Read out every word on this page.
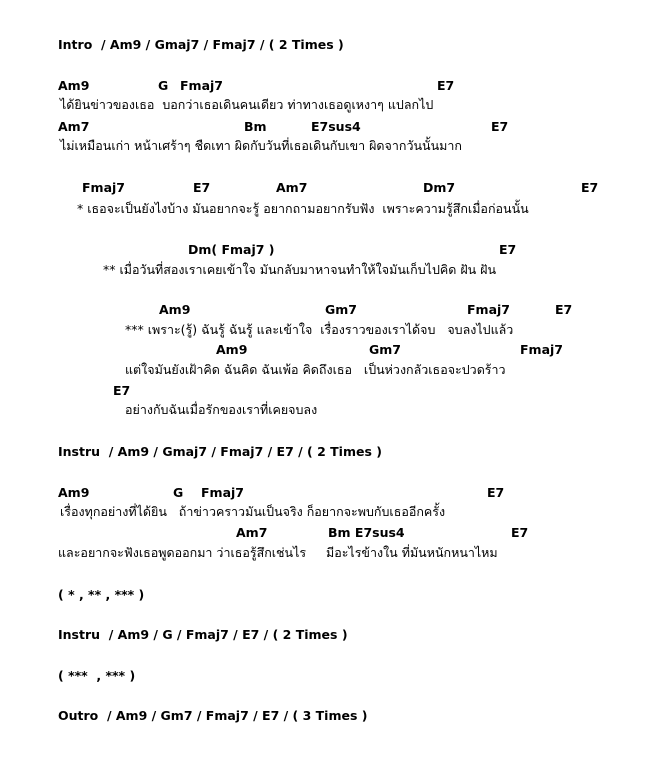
Intro  / Am9 / Gmaj7 / Fmaj7 / ( 2 Times )
Am9	G Fmaj7	E7
ได้ยินข่าวของเธอ  บอกว่าเธอเดินคนเดียว ท่าทางเธอดูเหงาๆ แปลกไป
Am7	Bm	E7sus4	E7
ไม่เหมือนเก่า หน้าเศร้าๆ ชืดเทา ผิดกับวันที่เธอเดินกับเขา ผิดจากวันนั้นมาก
Fmaj7	E7	Am7	Dm7	E7
* เธอจะเป็นยังไงบ้าง มันอยากจะรู้ อยากถามอยากรับฟัง  เพราะความรู้สึกเมื่อก่อนนั้น
Dm( Fmaj7 )	E7
** เมื่อวันที่สองเราเคยเข้าใจ มันกลับมาหาจนทำให้ใจมันเก็บไปคิด ฝัน ฝัน
Am9	Gm7	Fmaj7	E7
*** เพราะ(รู้) ฉันรู้ ฉันรู้ และเข้าใจ  เรื่องราวของเราได้จบ   จบลงไปแล้ว
Am9	Gm7	Fmaj7
แต่ใจมันยังเฝ้าคิด ฉันคิด ฉันเพ้อ คิดถึงเธอ   เป็นห่วงกลัวเธอจะปวดร้าว
E7
อย่างกับฉันเมื่อรักของเราที่เคยจบลง
Instru  / Am9 / Gmaj7 / Fmaj7 / E7 / ( 2 Times )
Am9	G Fmaj7	E7
เรื่องทุกอย่างที่ได้ยิน   ถ้าข่าวคราวมันเป็นจริง ก็อยากจะพบกับเธออีกครั้ง
Am7	Bm E7sus4	E7
และอยากจะฟังเธอพูดออกมา ว่าเธอรู้สึกเช่นไร     มีอะไรข้างใน ที่มันหนักหนาไหม
( * , ** , *** )
Instru  / Am9 / G / Fmaj7 / E7 / ( 2 Times )
( ***  , *** )
Outro  / Am9 / Gm7 / Fmaj7 / E7 / ( 3 Times )
